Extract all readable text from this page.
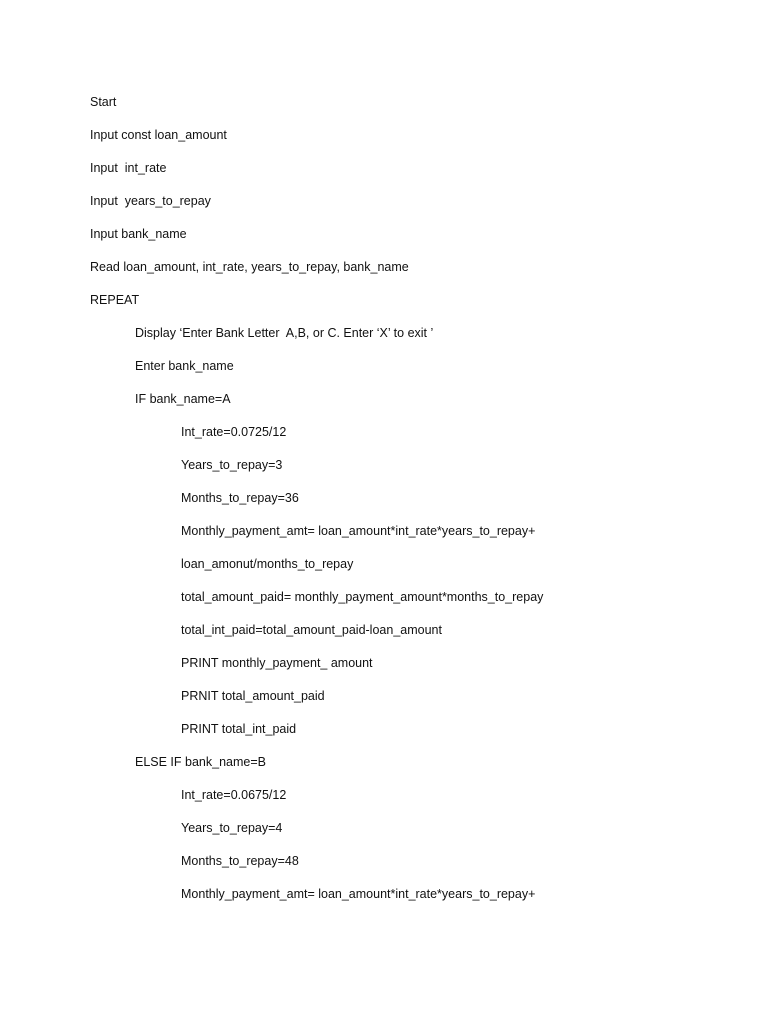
Start
Input const loan_amount
Input  int_rate
Input  years_to_repay
Input bank_name
Read loan_amount, int_rate, years_to_repay, bank_name
REPEAT
Display ‘Enter Bank Letter  A,B, or C. Enter ‘X’ to exit ’
Enter bank_name
IF bank_name=A
Int_rate=0.0725/12
Years_to_repay=3
Months_to_repay=36
Monthly_payment_amt= loan_amount*int_rate*years_to_repay+
loan_amonut/months_to_repay
total_amount_paid= monthly_payment_amount*months_to_repay
total_int_paid=total_amount_paid-loan_amount
PRINT monthly_payment_ amount
PRNIT total_amount_paid
PRINT total_int_paid
ELSE IF bank_name=B
Int_rate=0.0675/12
Years_to_repay=4
Months_to_repay=48
Monthly_payment_amt= loan_amount*int_rate*years_to_repay+
